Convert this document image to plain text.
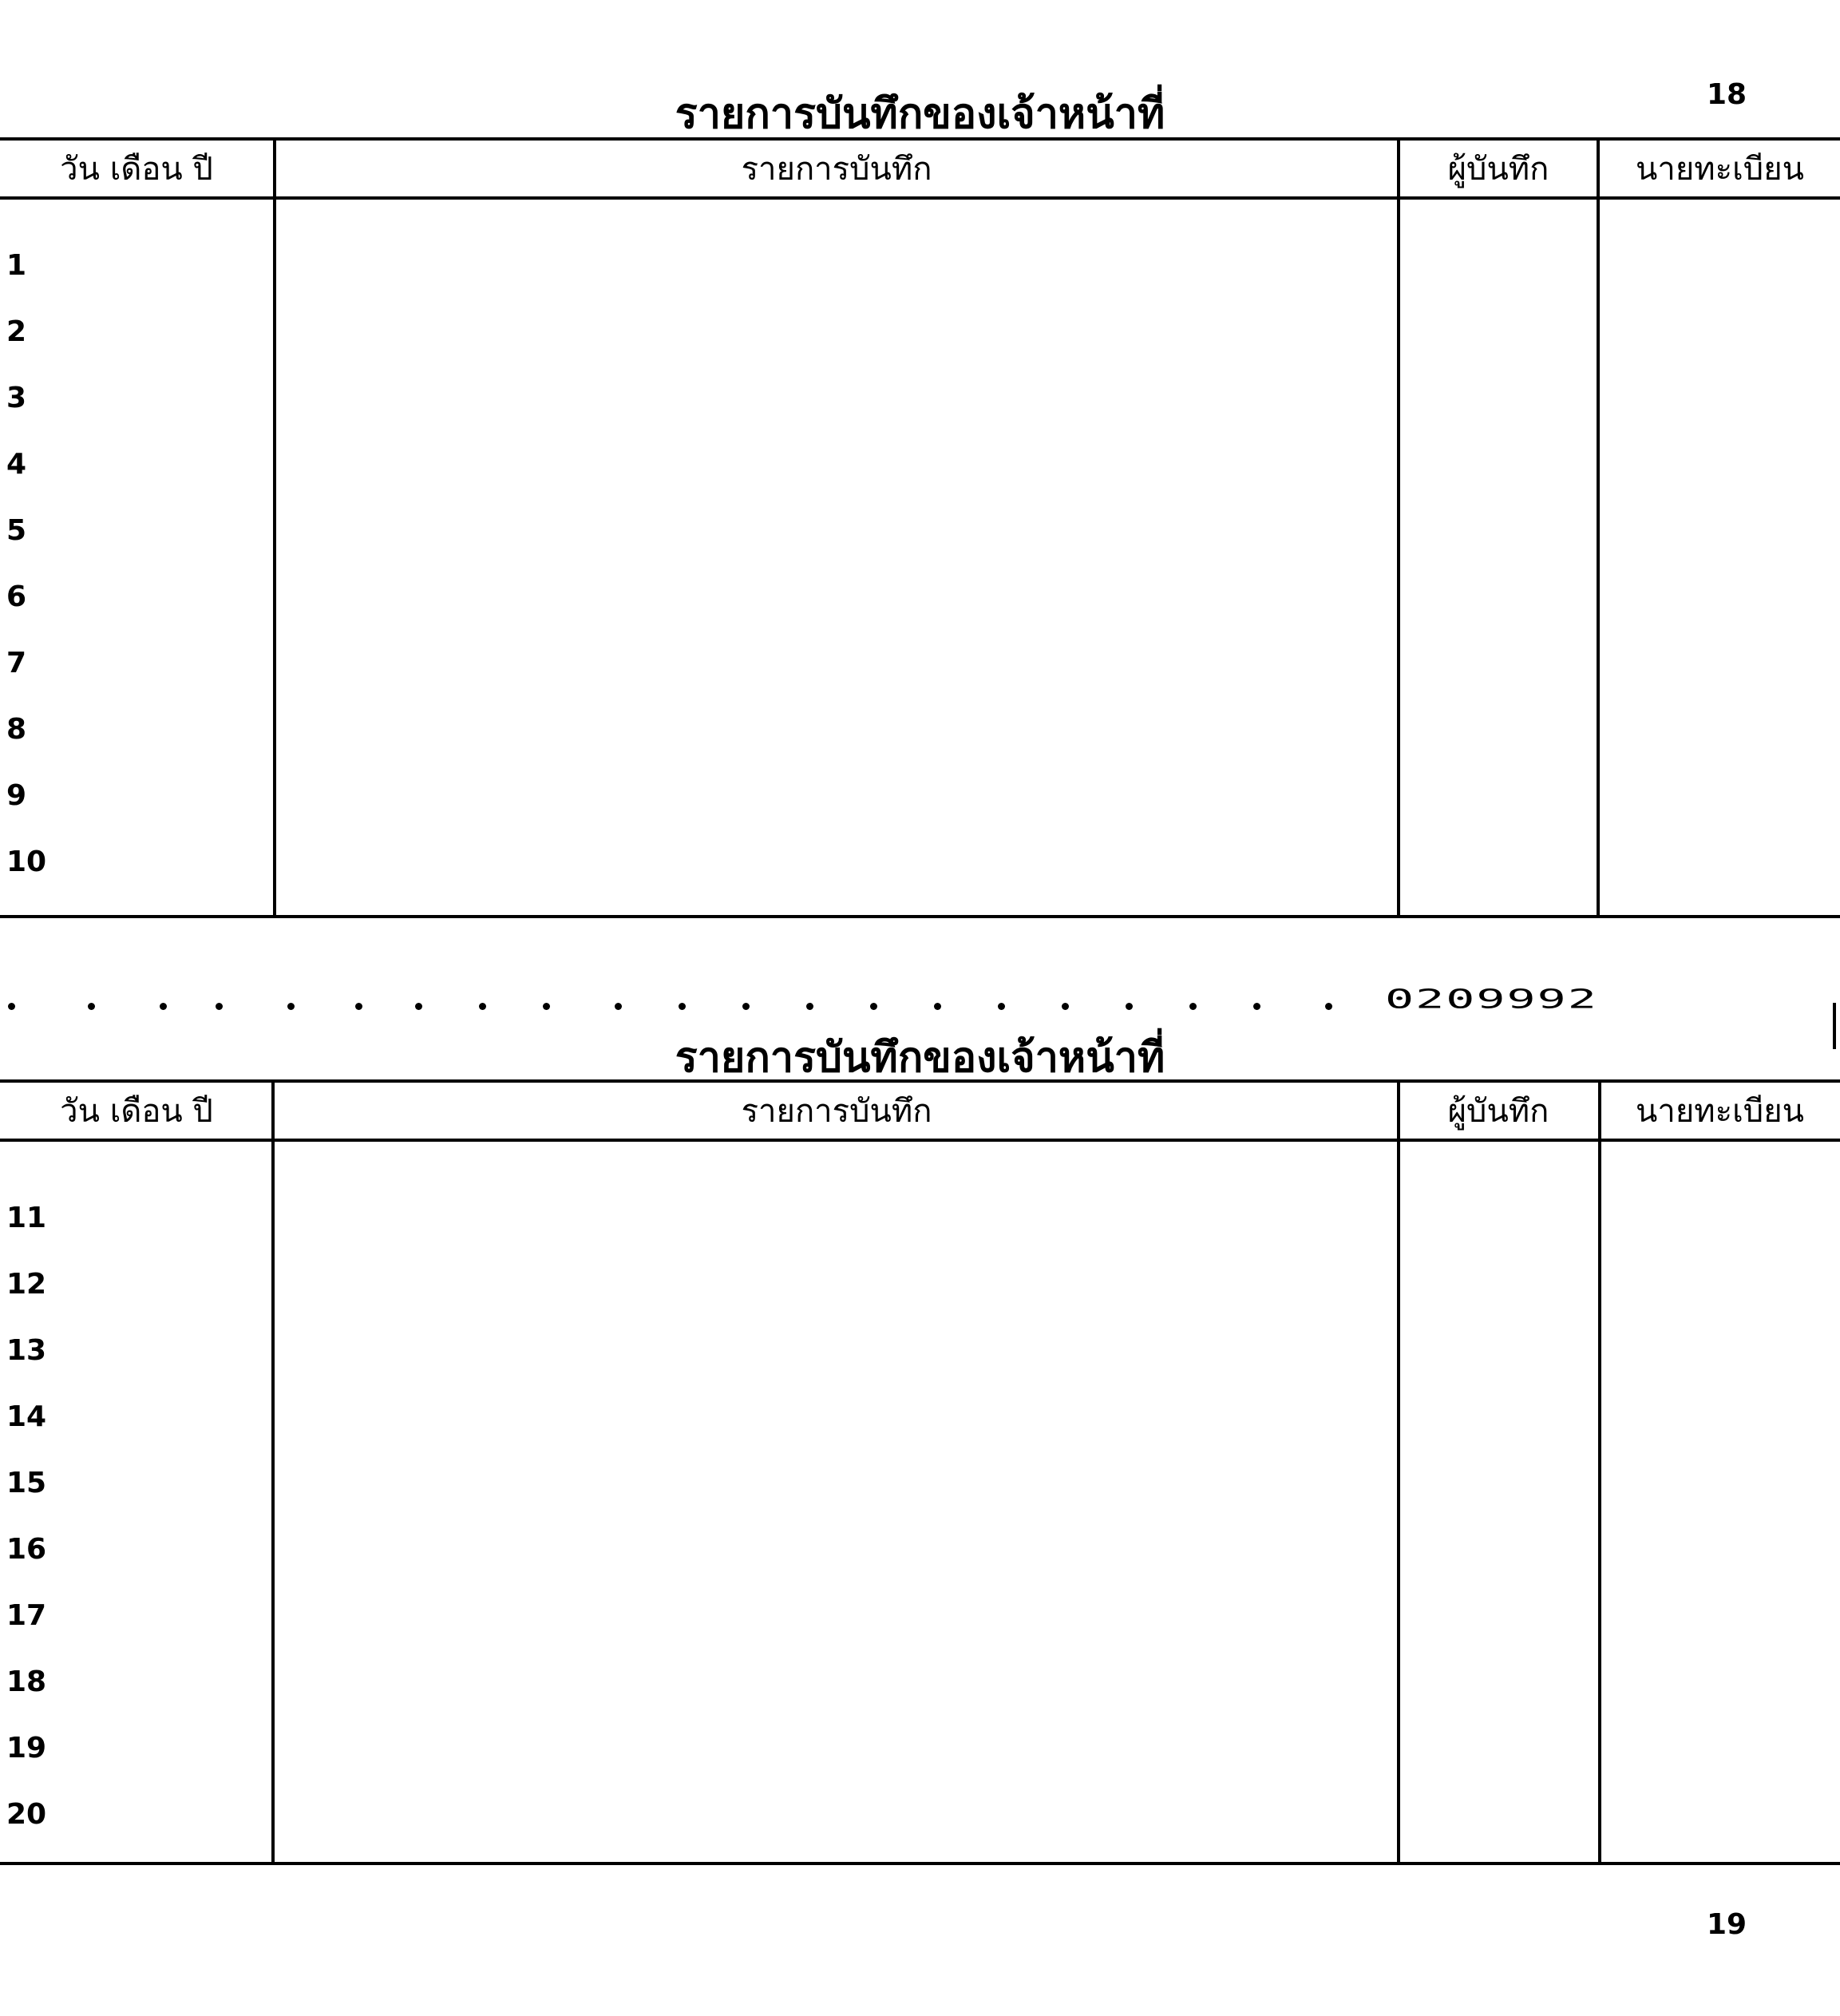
18
รายการบันทึกของเจ้าหน้าที่
วัน เดือน ปี	รายการบันทึก	ผู้บันทึก	นายทะเบียน
1
2
3
4
5
6
7
8
9
10
0209992
รายการบันทึกของเจ้าหน้าที่
วัน เดือน ปี	รายการบันทึก	ผู้บันทึก	นายทะเบียน
11
12
13
14
15
16
17
18
19
20
19
